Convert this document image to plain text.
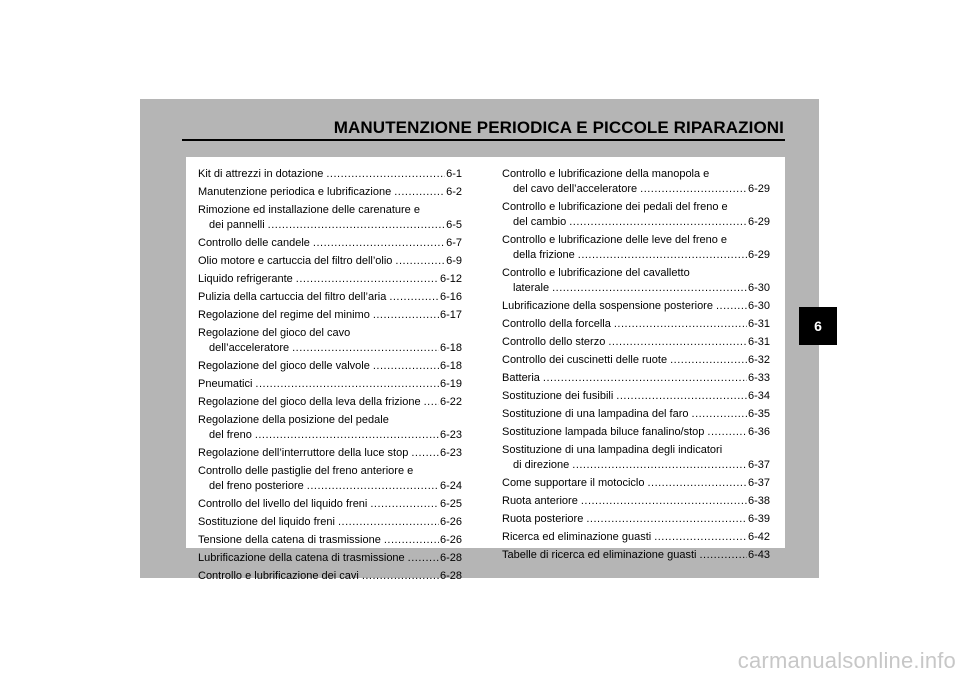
MANUTENZIONE PERIODICA E PICCOLE RIPARAZIONI
Kit di attrezzi in dotazione .....	6-1
Manutenzione periodica e lubrificazione .....	6-2
Rimozione ed installazione delle carenature e
dei pannelli .....	6-5
Controllo delle candele .....	6-7
Olio motore e cartuccia del filtro dell’olio .....	6-9
Liquido refrigerante .....	6-12
Pulizia della cartuccia del filtro dell’aria .....	6-16
Regolazione del regime del minimo .....	6-17
Regolazione del gioco del cavo
dell’acceleratore .....	6-18
Regolazione del gioco delle valvole .....	6-18
Pneumatici .....	6-19
Regolazione del gioco della leva della frizione ..... 6-22
Regolazione della posizione del pedale
del freno .....	6-23
Regolazione dell’interruttore della luce stop .....	6-23
Controllo delle pastiglie del freno anteriore e
del freno posteriore .....	6-24
Controllo del livello del liquido freni .....	6-25
Sostituzione del liquido freni .....	6-26
Tensione della catena di trasmissione .....	6-26
Lubrificazione della catena di trasmissione .....	6-28
Controllo e lubrificazione dei cavi .....	6-28
Controllo e lubrificazione della manopola e
del cavo dell’acceleratore .....	6-29
Controllo e lubrificazione dei pedali del freno e
del cambio .....	6-29
Controllo e lubrificazione delle leve del freno e
della frizione .....	6-29
Controllo e lubrificazione del cavalletto
laterale .....	6-30
Lubrificazione della sospensione posteriore .....	6-30
Controllo della forcella .....	6-31
Controllo dello sterzo .....	6-31
Controllo dei cuscinetti delle ruote .....	6-32
Batteria .....	6-33
Sostituzione dei fusibili .....	6-34
Sostituzione di una lampadina del faro .....	6-35
Sostituzione lampada biluce fanalino/stop .....	6-36
Sostituzione di una lampadina degli indicatori
di direzione .....	6-37
Come supportare il motociclo .....	6-37
Ruota anteriore .....	6-38
Ruota posteriore .....	6-39
Ricerca ed eliminazione guasti .....	6-42
Tabelle di ricerca ed eliminazione guasti .....	6-43
6
carmanualsonline.info
